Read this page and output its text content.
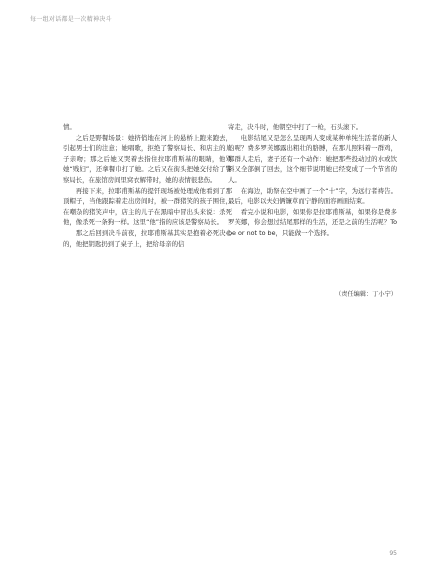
每一组对话都是一次精神决斗

情。

之后是野餐场景：她挤俏地在河上的悬桥上跑来跑去，引起男士们的注意；她唱歌，拒绝了警察局长、和店主的儿子亲吻；那之后她又哭着去指住拉耶甫斯基的眼睛，他骂她“贱妇”，还拿餐巾打了她。之后又在街头把她交付给了警察局长，在旅馆房间里窝衣解带时，她的表情很悲伤。

再接下来，拉耶甫斯基的提钎现场被处理成他看到了那顶帽子，当他跟踪着走出房间时，被一群猪笑的孩子围住，在嘲杂的猪笑声中，店主的儿子在黑暗中冒出头来说：杀死他，像杀死一条狗一样。这里“他”指的应该是警察局长。

那之后回到决斗前夜，拉耶甫斯基其实是抱着必死决心的，他把钥匙扔到了桌子上，把给母亲的信

寄走，决斗时，他朝空中打了一枪，石头滚下。

电影结尾又是怎么呈现两人变成某种单纯生活者的新人的呢？费多罗芙娜露出粗壮的胳膊，在那儿照料着一群鸡，那群人走后，妻子还有一个动作：她把那些投动过的水或饮料又全部倒了回去，这个细节说明她已经变成了一个节省的人。

在海边，助祭在空中画了一个“十”字，为远行者祷告。最后，电影以夫妇俩镰草而宁静的面容画面结束。

看完小说和电影，如果你是拉耶甫斯基，如果你是费多罗芙娜，你会想过结尾那样的生活，还是之前的生活呢？To be or not to be，只能做一个选择。

（责任编辑：丁小宁）
95
